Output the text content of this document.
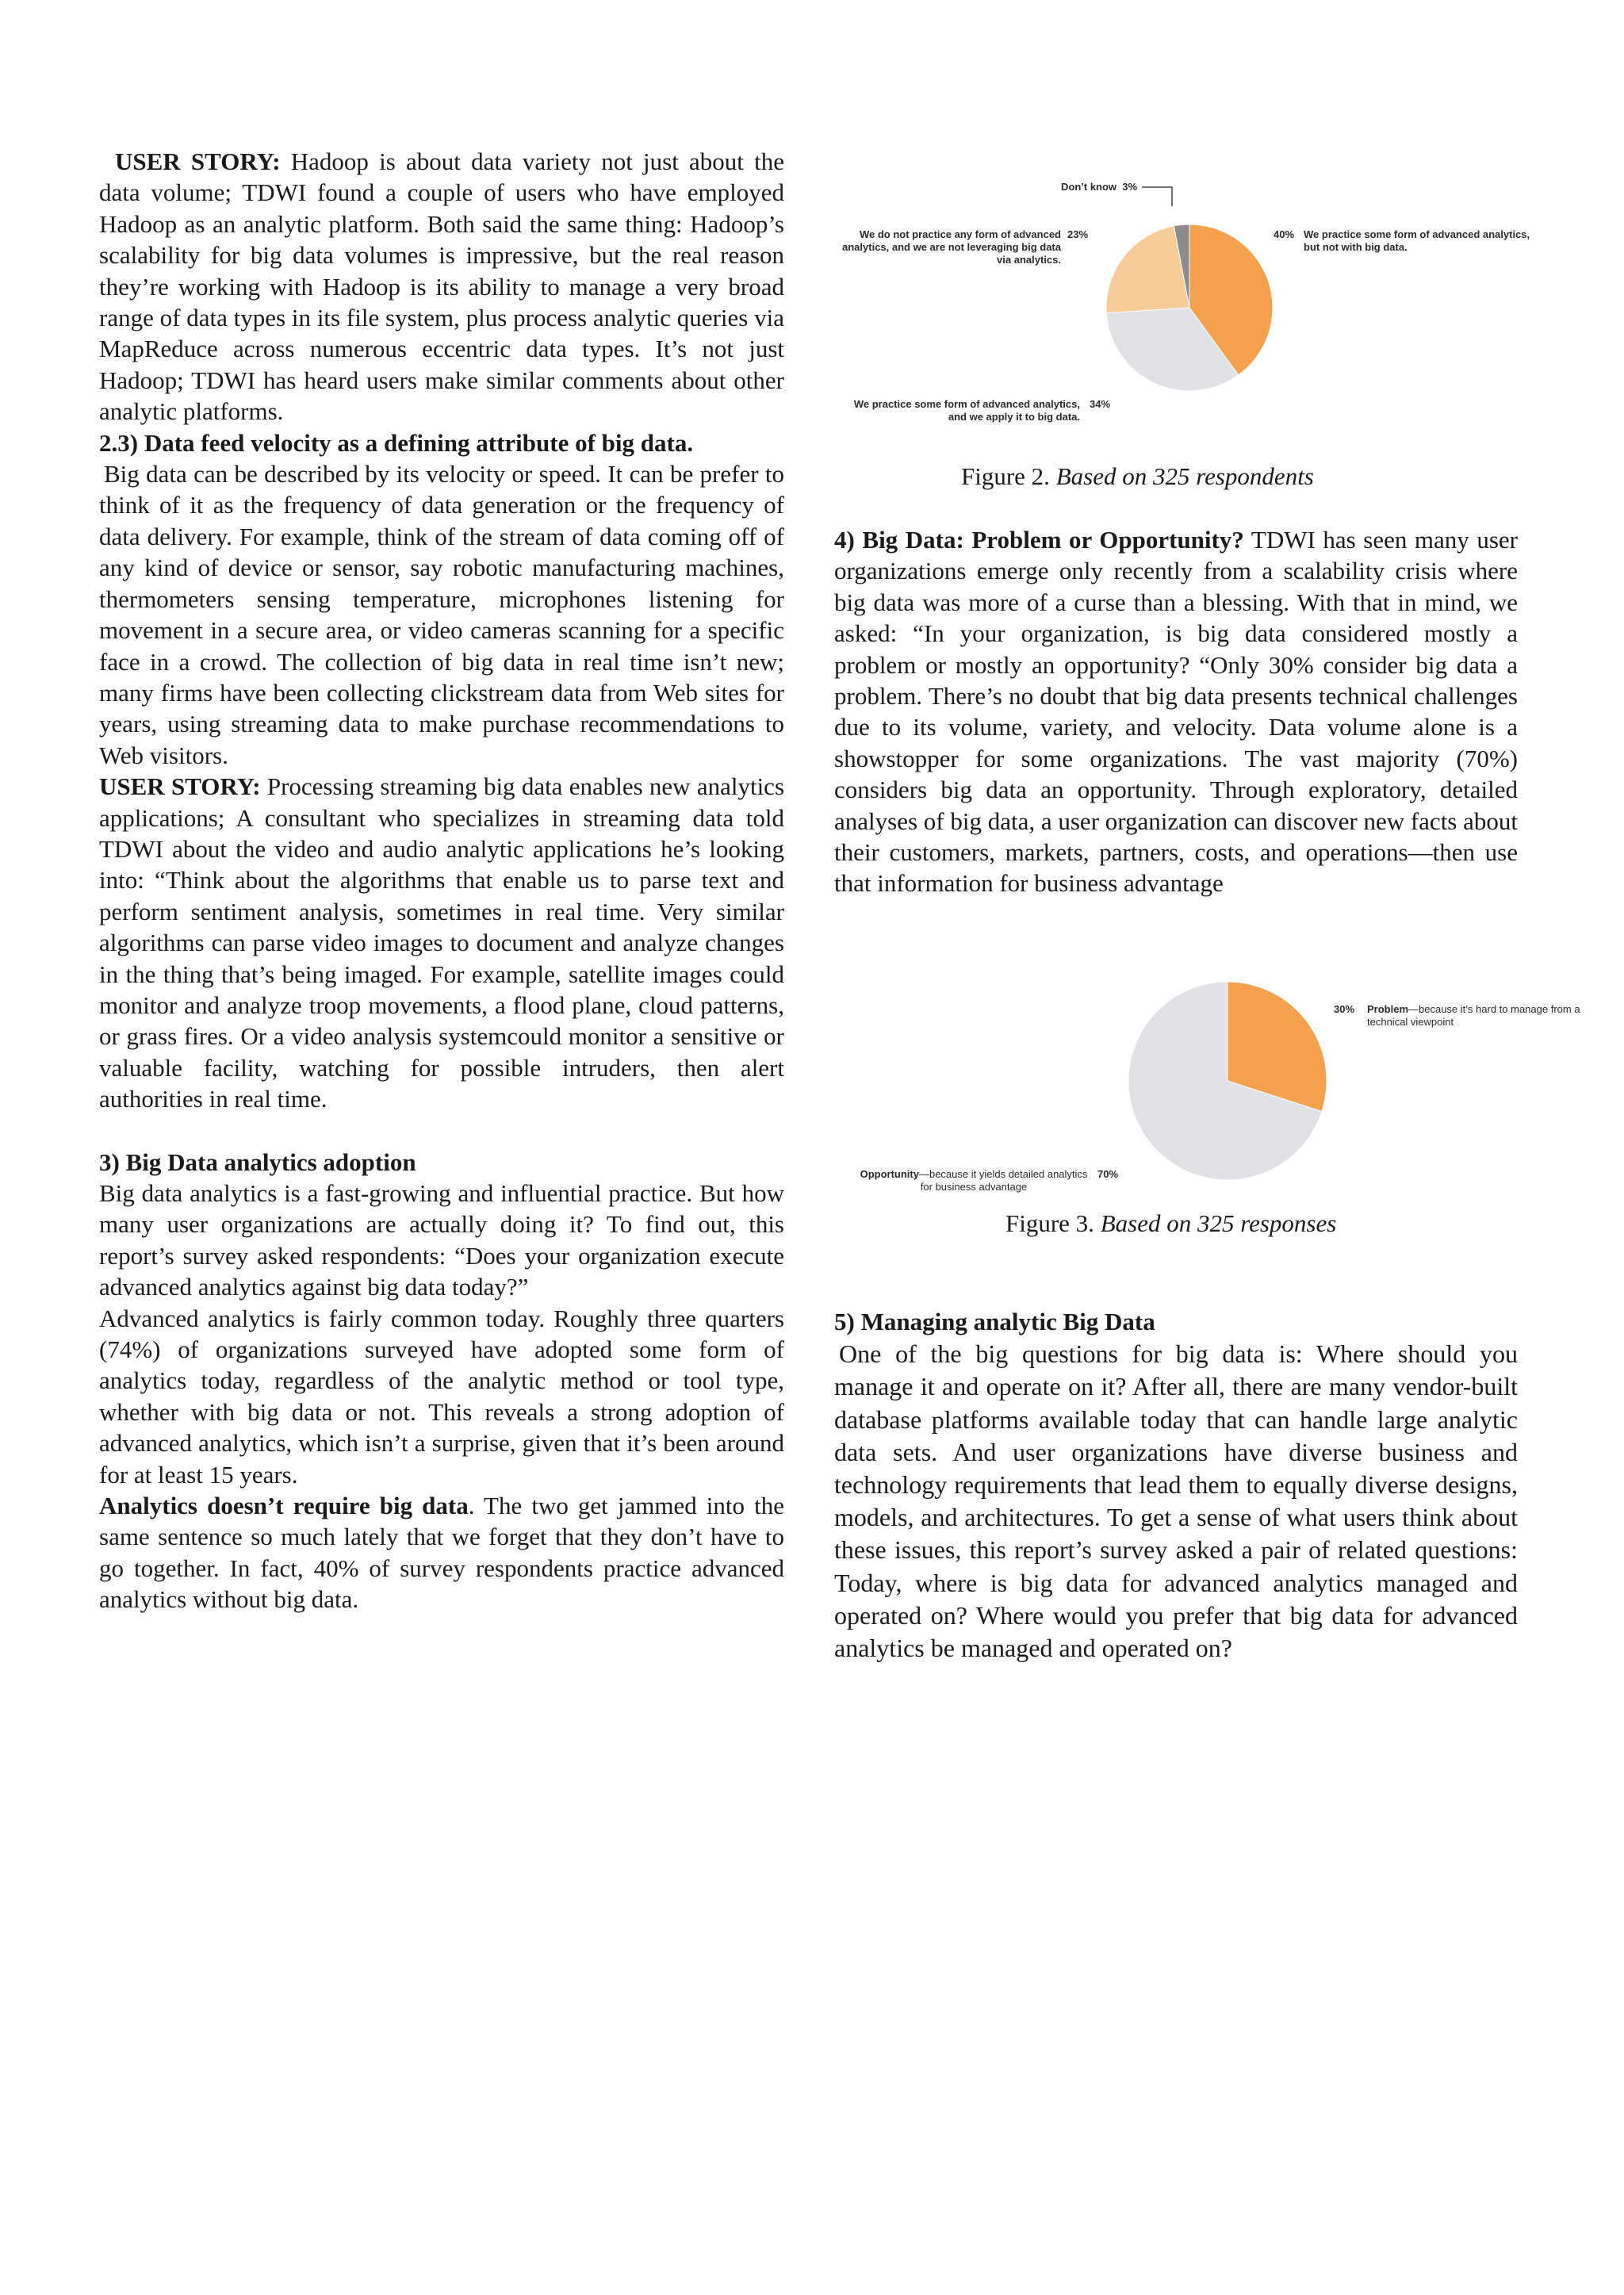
USER STORY: Hadoop is about data variety not just about the data volume; TDWI found a couple of users who have employed Hadoop as an analytic platform. Both said the same thing: Hadoop’s scalability for big data volumes is impressive, but the real reason they’re working with Hadoop is its ability to manage a very broad range of data types in its file system, plus process analytic queries via MapReduce across numerous eccentric data types. It’s not just Hadoop; TDWI has heard users make similar comments about other analytic platforms.

2.3) Data feed velocity as a defining attribute of big data.

Big data can be described by its velocity or speed. It can be prefer to think of it as the frequency of data generation or the frequency of data delivery. For example, think of the stream of data coming off of any kind of device or sensor, say robotic manufacturing machines, thermometers sensing temperature, microphones listening for movement in a secure area, or video cameras scanning for a specific face in a crowd. The collection of big data in real time isn’t new; many firms have been collecting clickstream data from Web sites for years, using streaming data to make purchase recommendations to Web visitors.

USER STORY: Processing streaming big data enables new analytics applications; A consultant who specializes in streaming data told TDWI about the video and audio analytic applications he’s looking into: “Think about the algorithms that enable us to parse text and perform sentiment analysis, sometimes in real time. Very similar algorithms can parse video images to document and analyze changes in the thing that’s being imaged. For example, satellite images could monitor and analyze troop movements, a flood plane, cloud patterns, or grass fires. Or a video analysis systemcould monitor a sensitive or valuable facility, watching for possible intruders, then alert authorities in real time.

3) Big Data analytics adoption

Big data analytics is a fast-growing and influential practice. But how many user organizations are actually doing it? To find out, this report’s survey asked respondents: “Does your organization execute advanced analytics against big data today?”

Advanced analytics is fairly common today. Roughly three quarters (74%) of organizations surveyed have adopted some form of analytics today, regardless of the analytic method or tool type, whether with big data or not. This reveals a strong adoption of advanced analytics, which isn’t a surprise, given that it’s been around for at least 15 years.

Analytics doesn’t require big data. The two get jammed into the same sentence so much lately that we forget that they don’t have to go together. In fact, 40% of survey respondents practice advanced analytics without big data.

Don’t know 3%
40% We practice some form of advanced analytics, but not with big data.
We practice some form of advanced analytics, and we apply it to big data.
34%
We do not practice any form of advanced analytics, and we are not leveraging big data via analytics.
23%
Figure 2. Based on 325 respondents

4) Big Data: Problem or Opportunity? TDWI has seen many user organizations emerge only recently from a scalability crisis where big data was more of a curse than a blessing. With that in mind, we asked: “In your organization, is big data considered mostly a problem or mostly an opportunity? “Only 30% consider big data a problem. There’s no doubt that big data presents technical challenges due to its volume, variety, and velocity. Data volume alone is a showstopper for some organizations. The vast majority (70%) considers big data an opportunity. Through exploratory, detailed analyses of big data, a user organization can discover new facts about their customers, markets, partners, costs, and operations—then use that information for business advantage

30% Problem—because it’s hard to manage from a technical viewpoint
Opportunity—because it yields detailed analytics for business advantage
70%
Figure 3. Based on 325 responses
5) Managing analytic Big Data

One of the big questions for big data is: Where should you manage it and operate on it? After all, there are many vendor-built database platforms available today that can handle large analytic data sets. And user organizations have diverse business and technology requirements that lead them to equally diverse designs, models, and architectures. To get a sense of what users think about these issues, this report’s survey asked a pair of related questions: Today, where is big data for advanced analytics managed and operated on? Where would you prefer that big data for advanced analytics be managed and operated on?
